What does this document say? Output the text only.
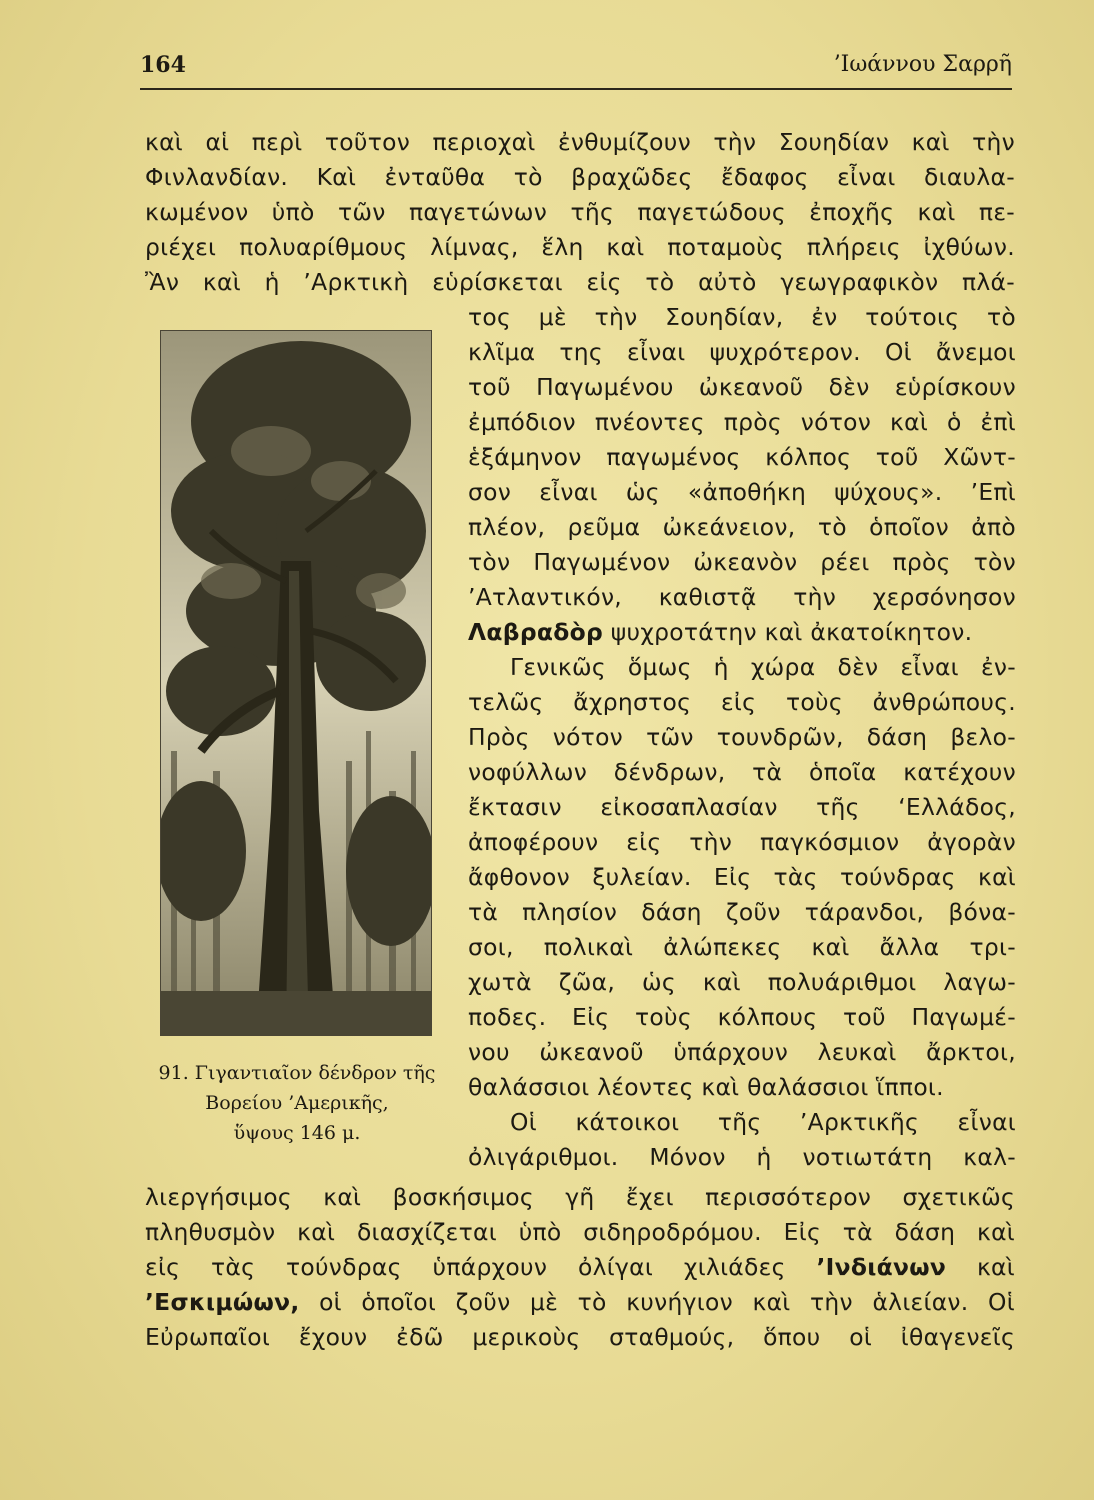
164	’Ιωάννου Σαρρῆ
καὶ αἱ περὶ τοῦτον περιοχαὶ ἐνθυμίζουν τὴν Σουηδίαν καὶ τὴν
Φινλανδίαν. Καὶ ἐνταῦθα τὸ βραχῶδες ἔδαφος εἶναι διαυλα-
κωμένον ὑπὸ τῶν παγετώνων τῆς παγετώδους ἐποχῆς καὶ πε-
ριέχει πολυαρίθμους λίμνας, ἕλη καὶ ποταμοὺς πλήρεις ἰχθύων.
Ἂν καὶ ἡ ’Αρκτικὴ εὑρίσκεται εἰς τὸ αὐτὸ γεωγραφικὸν πλά-
τος μὲ τὴν Σουηδίαν, ἐν τούτοις τὸ
κλῖμα της εἶναι ψυχρότερον. Οἱ ἄνεμοι
τοῦ Παγωμένου ὠκεανοῦ δὲν εὑρίσκουν
ἐμπόδιον πνέοντες πρὸς νότον καὶ ὁ ἐπὶ
ἑξάμηνον παγωμένος κόλπος τοῦ Χῶντ-
σον εἶναι ὡς «ἀποθήκη ψύχους». ’Επὶ
πλέον, ρεῦμα ὠκεάνειον, τὸ ὁποῖον ἀπὸ
τὸν Παγωμένον ὠκεανὸν ρέει πρὸς τὸν
’Ατλαντικόν, καθιστᾷ τὴν χερσόνησον
Λαβραδὸρ ψυχροτάτην καὶ ἀκατοίκητον.
Γενικῶς ὅμως ἡ χώρα δὲν εἶναι ἐν-
τελῶς ἄχρηστος εἰς τοὺς ἀνθρώπους.
Πρὸς νότον τῶν τουνδρῶν, δάση βελο-
νοφύλλων δένδρων, τὰ ὁποῖα κατέχουν
ἔκτασιν εἰκοσαπλασίαν τῆς ‘Ελλάδος,
ἀποφέρουν εἰς τὴν παγκόσμιον ἀγορὰν
ἄφθονον ξυλείαν. Εἰς τὰς τούνδρας καὶ
τὰ πλησίον δάση ζοῦν τάρανδοι, βόνα-
σοι, πολικαὶ ἀλώπεκες καὶ ἄλλα τρι-
χωτὰ ζῶα, ὡς καὶ πολυάριθμοι λαγω-
ποδες. Εἰς τοὺς κόλπους τοῦ Παγωμέ-
νου ὠκεανοῦ ὑπάρχουν λευκαὶ ἄρκτοι,
θαλάσσιοι λέοντες καὶ θαλάσσιοι ἵπποι.
Οἱ κάτοικοι τῆς ’Αρκτικῆς εἶναι
ὀλιγάριθμοι. Μόνον ἡ νοτιωτάτη καλ-
91. Γιγαντιαῖον δένδρον τῆς
Βορείου ’Αμερικῆς,
ὕψους 146 μ.
λιεργήσιμος καὶ βοσκήσιμος γῆ ἔχει περισσότερον σχετικῶς
πληθυσμὸν καὶ διασχίζεται ὑπὸ σιδηροδρόμου. Εἰς τὰ δάση καὶ
εἰς τὰς τούνδρας ὑπάρχουν ὀλίγαι χιλιάδες ’Ινδιάνων καὶ
’Εσκιμώων, οἱ ὁποῖοι ζοῦν μὲ τὸ κυνήγιον καὶ τὴν ἁλιείαν. Οἱ
Εὐρωπαῖοι ἔχουν ἐδῶ μερικοὺς σταθμούς, ὅπου οἱ ἰθαγενεῖς
